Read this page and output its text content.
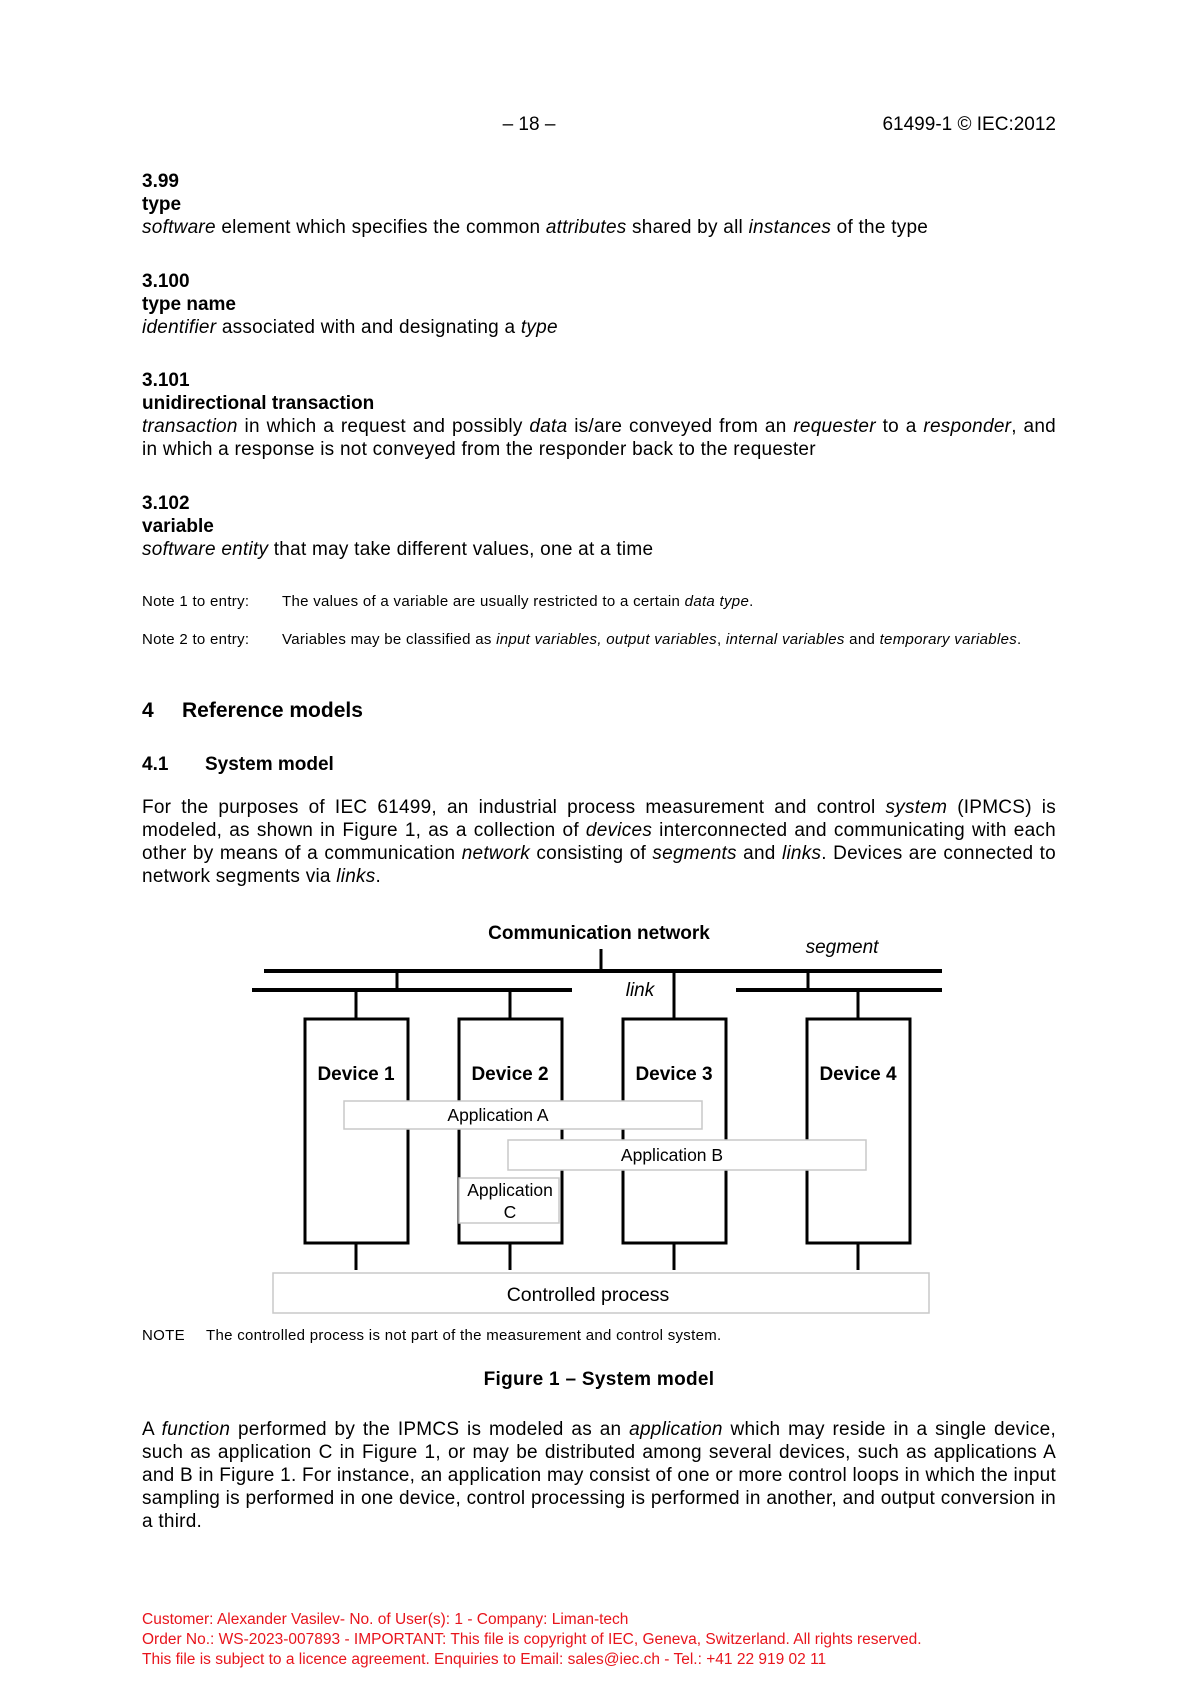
– 18 –	61499-1 © IEC:2012
3.99
type
software element which specifies the common attributes shared by all instances of the type
3.100
type name
identifier associated with and designating a type
3.101
unidirectional transaction
transaction in which a request and possibly data is/are conveyed from an requester to a responder, and in which a response is not conveyed from the responder back to the requester
3.102
variable
software entity that may take different values, one at a time
Note 1 to entry: The values of a variable are usually restricted to a certain data type.
Note 2 to entry: Variables may be classified as input variables, output variables, internal variables and temporary variables.
4 Reference models
4.1 System model
For the purposes of IEC 61499, an industrial process measurement and control system (IPMCS) is modeled, as shown in Figure 1, as a collection of devices interconnected and communicating with each other by means of a communication network consisting of segments and links. Devices are connected to network segments via links.
Communication network
segment
link
Device 1	Device 2	Device 3	Device 4
Application A
Application B
Application
C
Controlled process
NOTE The controlled process is not part of the measurement and control system.
Figure 1 – System model
A function performed by the IPMCS is modeled as an application which may reside in a single device, such as application C in Figure 1, or may be distributed among several devices, such as applications A and B in Figure 1. For instance, an application may consist of one or more control loops in which the input sampling is performed in one device, control processing is performed in another, and output conversion in a third.
Customer: Alexander Vasilev- No. of User(s): 1 - Company: Liman-tech
Order No.: WS-2023-007893 - IMPORTANT: This file is copyright of IEC, Geneva, Switzerland. All rights reserved.
This file is subject to a licence agreement. Enquiries to Email: sales@iec.ch - Tel.: +41 22 919 02 11
